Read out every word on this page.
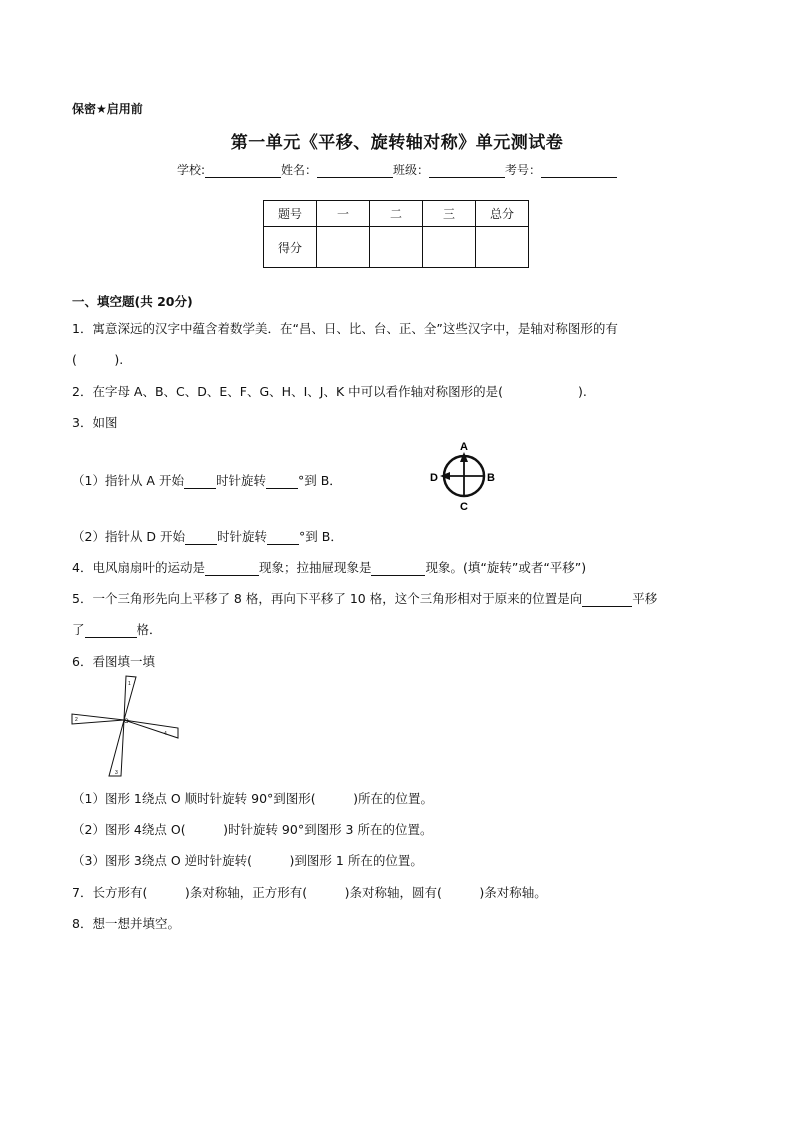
保密★启用前
第一单元《平移、旋转轴对称》单元测试卷
学校:	姓名：	班级：	考号：
题号	一	二	三	总分
得分				
一、填空题(共 20分)
1．寓意深远的汉字中蕴含着数学美．在“昌、日、比、台、正、全”这些汉字中，是轴对称图形的有
(　　　).
2．在字母 A、B、C、D、E、F、G、H、I、J、K 中可以看作轴对称图形的是(　　　　　　).
3．如图
（1）指针从 A 开始	时针旋转	°到 B．
A
B
C
D
（2）指针从 D 开始	时针旋转	°到 B．
4．电风扇扇叶的运动是	现象；拉抽屉现象是	现象。(填“旋转”或者“平移”)
5．一个三角形先向上平移了 8 格，再向下平移了 10 格，这个三角形相对于原来的位置是向	平移
了	格．
6．看图填一填
1
2
3
4
O
（1）图形 1绕点 O 顺时针旋转 90°到图形(　　　)所在的位置。
（2）图形 4绕点 O(　　　)时针旋转 90°到图形 3 所在的位置。
（3）图形 3绕点 O 逆时针旋转(　　　)到图形 1 所在的位置。
7．长方形有(　　　)条对称轴，正方形有(　　　)条对称轴，圆有(　　　)条对称轴。
8．想一想并填空。
